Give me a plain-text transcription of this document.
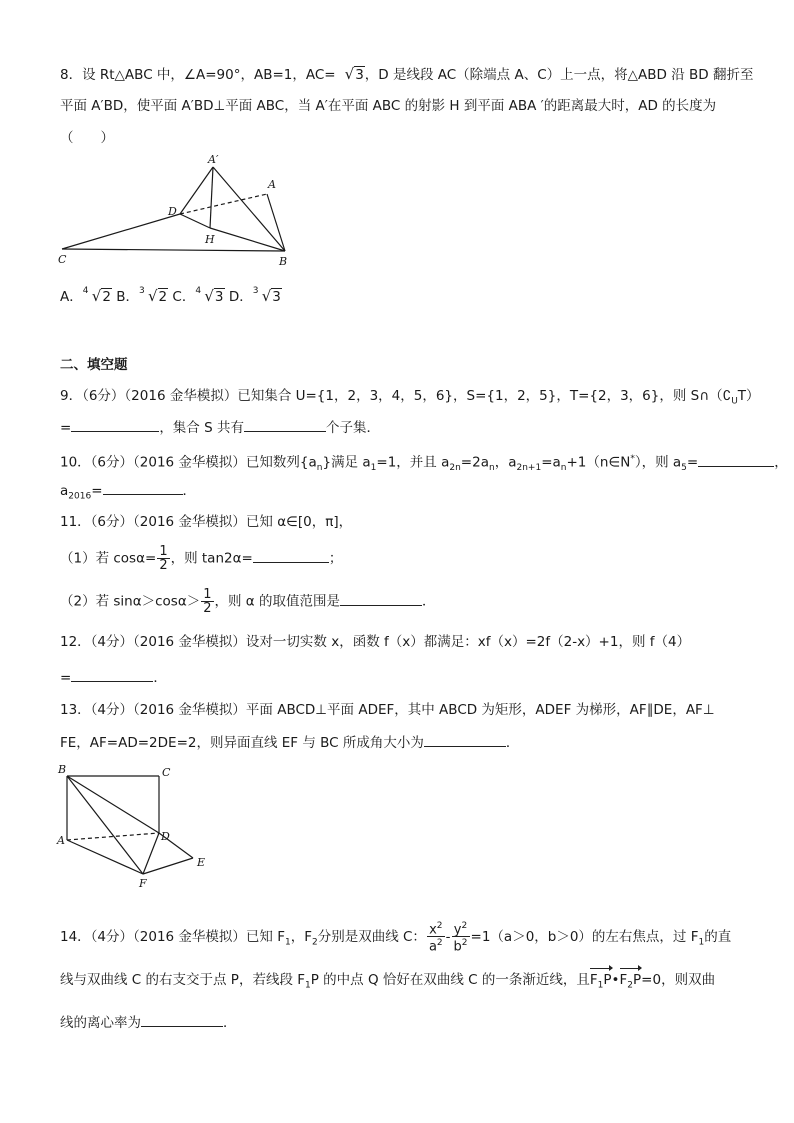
8．设 Rt△ABC 中，∠A=90°，AB=1，AC= √3，D 是线段 AC（除端点 A、C）上一点，将△ABD 沿 BD 翻折至
平面 A′BD，使平面 A′BD⊥平面 ABC，当 A′在平面 ABC 的射影 H 到平面 ABA ′的距离最大时，AD 的长度为
（　　）
A′
A
D
H
C	B
A． 4 √2 B． 3 √2 C． 4 √3 D． 3 √3
二、填空题
9．（6分）（2016 金华模拟）已知集合 U={1，2，3，4，5，6}，S={1，2，5}，T={2，3，6}，则 $S\cap(∁_UT)$
=	，集合 S 共有	个子集．
10．（6分）（2016 金华模拟）已知数列$\{a_n\}$满足 $a_1=1$，并且 $a_{2n}=2a_n$，$a_{2n+1}=a_n+1(n\in N^*)$，则 $a_5=$	，
$a_{2016}=$	．
11．（6分）（2016 金华模拟）已知 α∈[0，π]，
（1）若 $\cos\alpha= \frac{1}{2}$ ，则 tan2α=	；
（2）若 $\sin\alpha>\cos\alpha> \frac{1}{2}$ ，则 α 的取值范围是	．
12．（4分）（2016 金华模拟）设对一切实数 x，函数 f（x）都满足：xf（x）=2f（2-x）+1，则 f（4）
=	．
13．（4分）（2016 金华模拟）平面 ABCD⊥平面 ADEF，其中 ABCD 为矩形，ADEF 为梯形，AF∥DE，AF⊥
FE，AF=AD=2DE=2，则异面直线 EF 与 BC 所成角大小为	．
B	C
A	D
E
F
14．（4分）（2016 金华模拟）已知 $F_1$，$F_2$分别是双曲线 C： $\frac{x^2}{a^2} - \frac{y^2}{b^2} =1(a>0$，b＞0）的左右焦点，过 $F_1$的直
线与双曲线 C 的右支交于点 P，若线段 $F_1P$ 的中点 Q 恰好在双曲线 C 的一条渐近线，且$F_1P•F_2P=0$，则双曲
线的离心率为	．
